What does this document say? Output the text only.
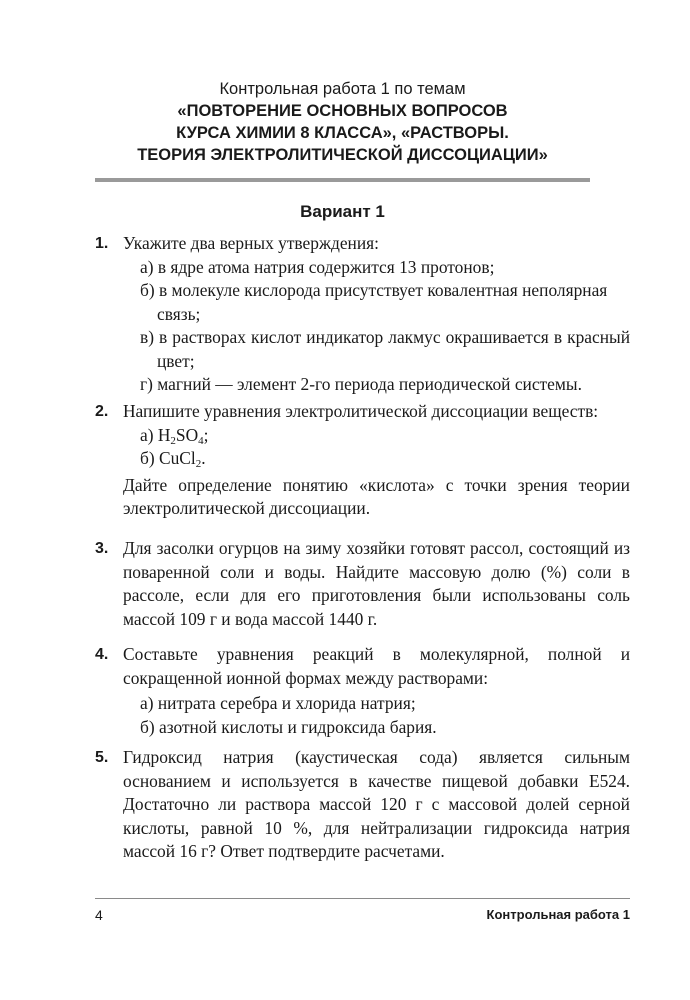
Контрольная работа 1 по темам
«ПОВТОРЕНИЕ ОСНОВНЫХ ВОПРОСОВ
КУРСА ХИМИИ 8 КЛАССА», «РАСТВОРЫ.
ТЕОРИЯ ЭЛЕКТРОЛИТИЧЕСКОЙ ДИССОЦИАЦИИ»
Вариант 1
1. Укажите два верных утверждения:
а) в ядре атома натрия содержится 13 протонов;
б) в молекуле кислорода присутствует ковалентная неполярная связь;
в) в растворах кислот индикатор лакмус окрашивается в красный цвет;
г) магний — элемент 2-го периода периодической системы.
2. Напишите уравнения электролитической диссоциации веществ:
а) $H_2SO_4$;
б) CuCl$_2$.
Дайте определение понятию «кислота» с точки зрения теории электролитической диссоциации.
3. Для засолки огурцов на зиму хозяйки готовят рассол, состоящий из поваренной соли и воды. Найдите массовую долю (%) соли в рассоле, если для его приготовления были использованы соль массой 109 г и вода массой 1440 г.
4. Составьте уравнения реакций в молекулярной, полной и сокращенной ионной формах между растворами:
а) нитрата серебра и хлорида натрия;
б) азотной кислоты и гидроксида бария.
5. Гидроксид натрия (каустическая сода) является сильным основанием и используется в качестве пищевой добавки Е524. Достаточно ли раствора массой 120 г с массовой долей серной кислоты, равной 10 %, для нейтрализации гидроксида натрия массой 16 г? Ответ подтвердите расчетами.
4	Контрольная работа 1
